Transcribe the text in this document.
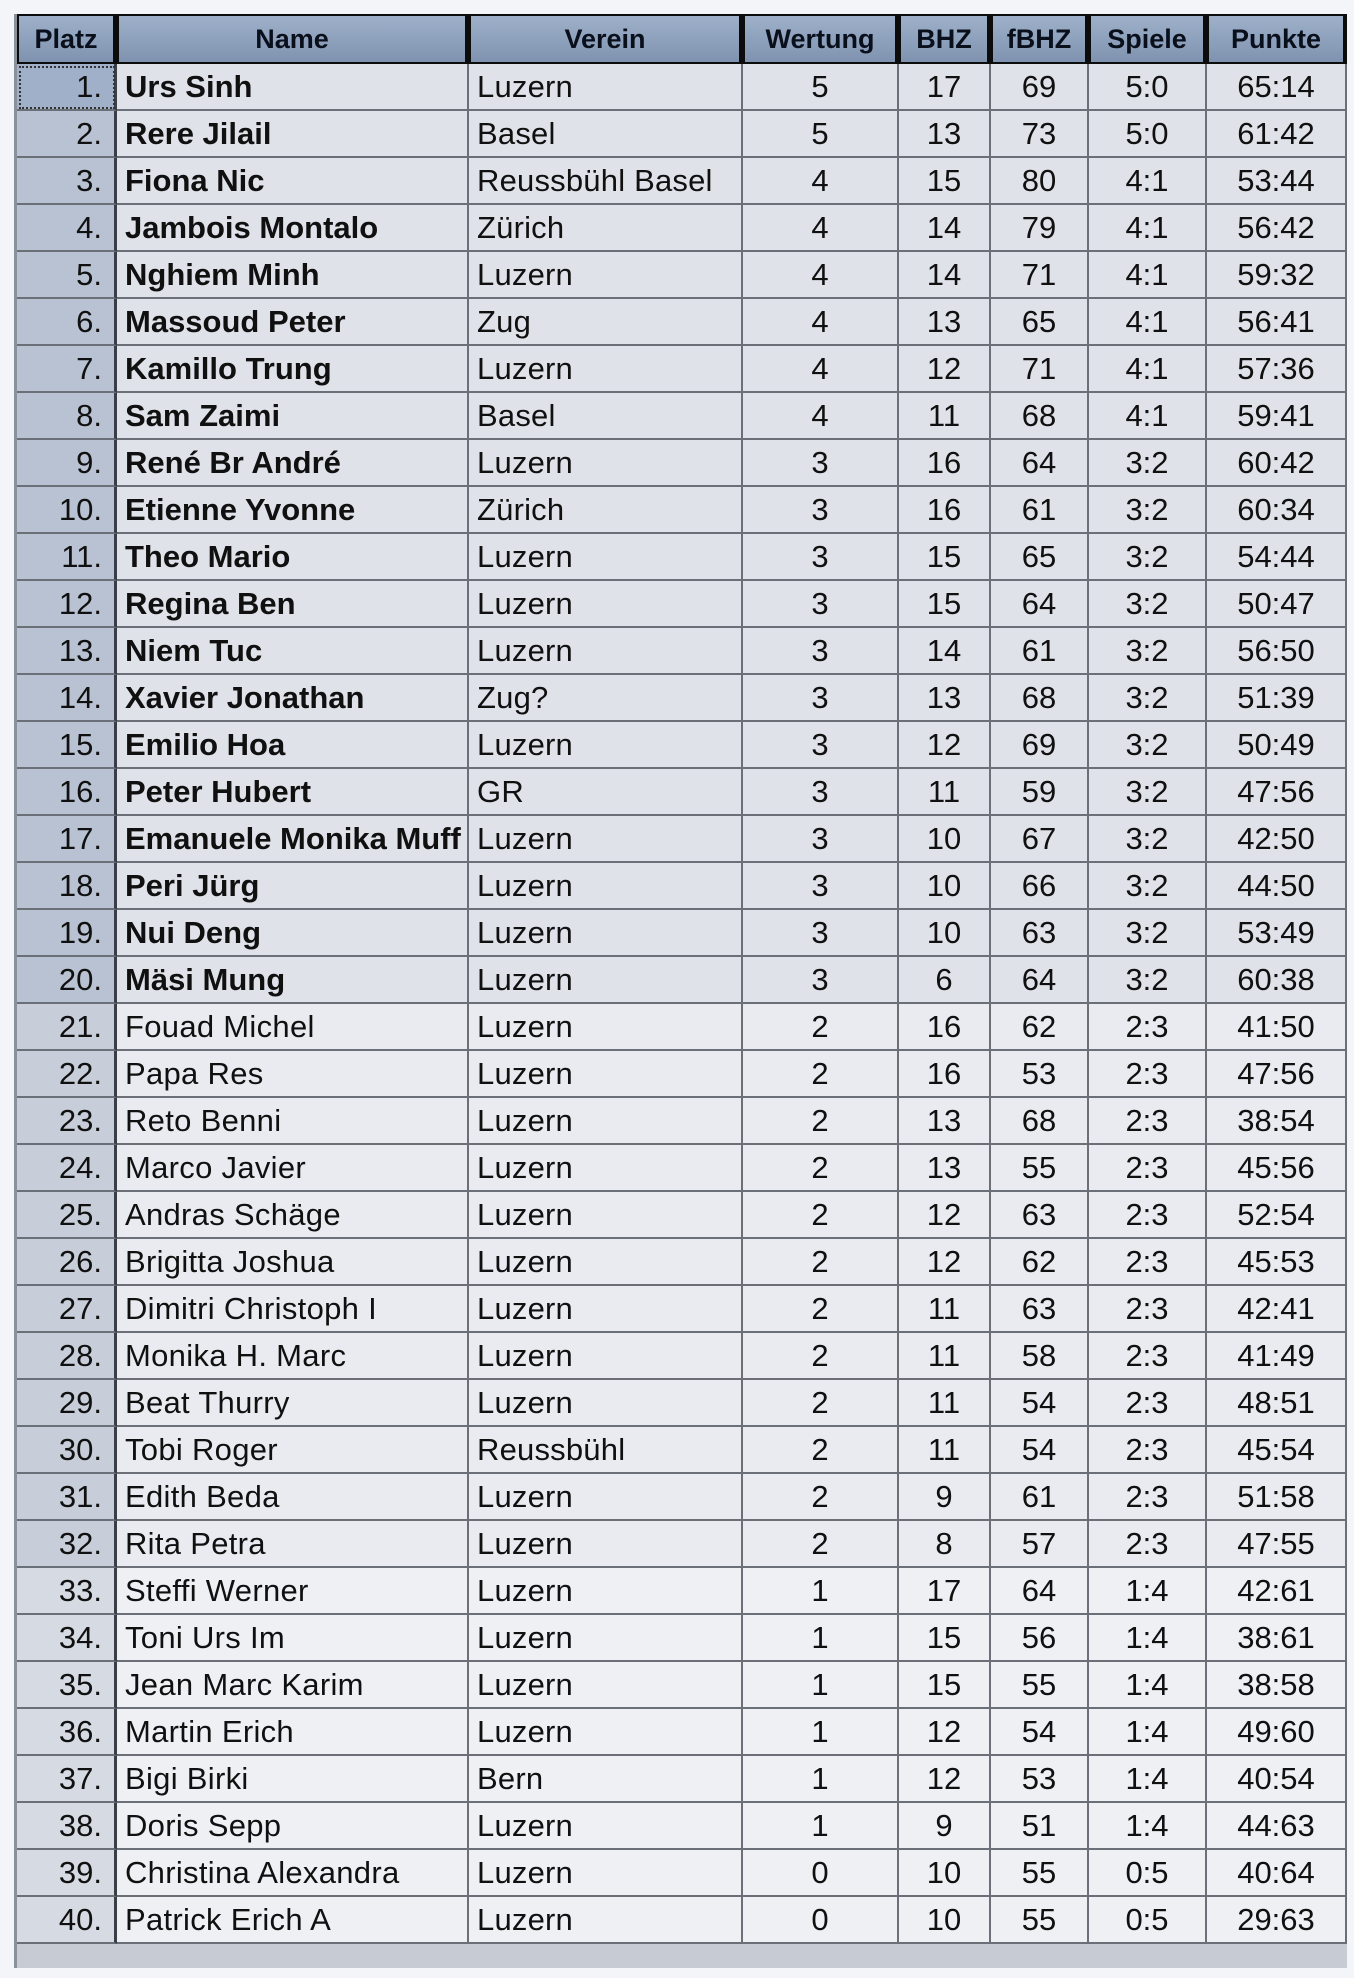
Platz	Name	Verein	Wertung	BHZ	fBHZ	Spiele	Punkte
1.	Urs Sinh	Luzern	5	17	69	5:0	65:14
2.	Rere Jilail	Basel	5	13	73	5:0	61:42
3.	Fiona Nic	Reussbühl Basel	4	15	80	4:1	53:44
4.	Jambois Montalo	Zürich	4	14	79	4:1	56:42
5.	Nghiem Minh	Luzern	4	14	71	4:1	59:32
6.	Massoud Peter	Zug	4	13	65	4:1	56:41
7.	Kamillo Trung	Luzern	4	12	71	4:1	57:36
8.	Sam Zaimi	Basel	4	11	68	4:1	59:41
9.	René Br André	Luzern	3	16	64	3:2	60:42
10.	Etienne Yvonne	Zürich	3	16	61	3:2	60:34
11.	Theo Mario	Luzern	3	15	65	3:2	54:44
12.	Regina Ben	Luzern	3	15	64	3:2	50:47
13.	Niem Tuc	Luzern	3	14	61	3:2	56:50
14.	Xavier Jonathan	Zug?	3	13	68	3:2	51:39
15.	Emilio Hoa	Luzern	3	12	69	3:2	50:49
16.	Peter Hubert	GR	3	11	59	3:2	47:56
17.	Emanuele Monika Muff	Luzern	3	10	67	3:2	42:50
18.	Peri Jürg	Luzern	3	10	66	3:2	44:50
19.	Nui Deng	Luzern	3	10	63	3:2	53:49
20.	Mäsi Mung	Luzern	3	6	64	3:2	60:38
21.	Fouad Michel	Luzern	2	16	62	2:3	41:50
22.	Papa Res	Luzern	2	16	53	2:3	47:56
23.	Reto Benni	Luzern	2	13	68	2:3	38:54
24.	Marco Javier	Luzern	2	13	55	2:3	45:56
25.	Andras Schäge	Luzern	2	12	63	2:3	52:54
26.	Brigitta Joshua	Luzern	2	12	62	2:3	45:53
27.	Dimitri Christoph I	Luzern	2	11	63	2:3	42:41
28.	Monika H. Marc	Luzern	2	11	58	2:3	41:49
29.	Beat Thurry	Luzern	2	11	54	2:3	48:51
30.	Tobi Roger	Reussbühl	2	11	54	2:3	45:54
31.	Edith Beda	Luzern	2	9	61	2:3	51:58
32.	Rita Petra	Luzern	2	8	57	2:3	47:55
33.	Steffi Werner	Luzern	1	17	64	1:4	42:61
34.	Toni Urs Im	Luzern	1	15	56	1:4	38:61
35.	Jean Marc Karim	Luzern	1	15	55	1:4	38:58
36.	Martin Erich	Luzern	1	12	54	1:4	49:60
37.	Bigi Birki	Bern	1	12	53	1:4	40:54
38.	Doris Sepp	Luzern	1	9	51	1:4	44:63
39.	Christina Alexandra	Luzern	0	10	55	0:5	40:64
40.	Patrick Erich A	Luzern	0	10	55	0:5	29:63
